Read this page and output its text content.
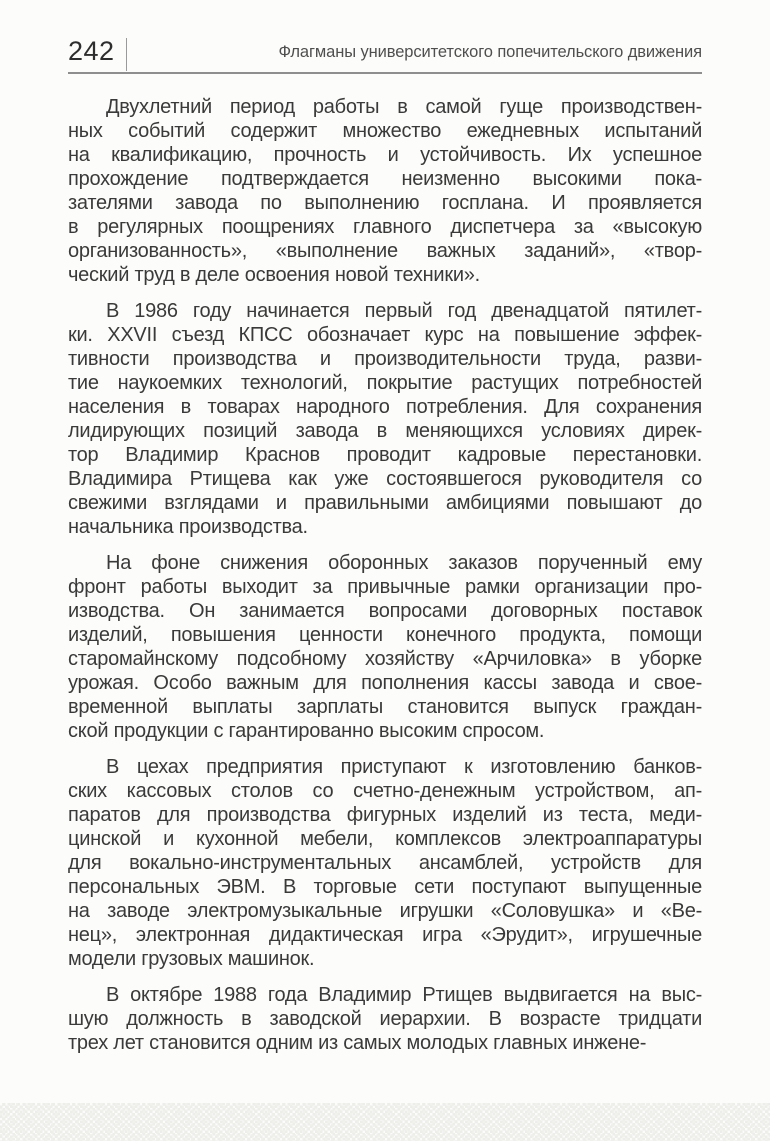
242	Флагманы университетского попечительского движения
Двухлетний период работы в самой гуще производствен-
ных событий содержит множество ежедневных испытаний
на квалификацию, прочность и устойчивость. Их успешное
прохождение подтверждается неизменно высокими пока-
зателями завода по выполнению госплана. И проявляется
в регулярных поощрениях главного диспетчера за «высокую
организованность», «выполнение важных заданий», «твор-
ческий труд в деле освоения новой техники».
В 1986 году начинается первый год двенадцатой пятилет-
ки. XXVII съезд КПСС обозначает курс на повышение эффек-
тивности производства и производительности труда, разви-
тие наукоемких технологий, покрытие растущих потребностей
населения в товарах народного потребления. Для сохранения
лидирующих позиций завода в меняющихся условиях дирек-
тор Владимир Краснов проводит кадровые перестановки.
Владимира Ртищева как уже состоявшегося руководителя со
свежими взглядами и правильными амбициями повышают до
начальника производства.
На фоне снижения оборонных заказов порученный ему
фронт работы выходит за привычные рамки организации про-
изводства. Он занимается вопросами договорных поставок
изделий, повышения ценности конечного продукта, помощи
старомайнскому подсобному хозяйству «Арчиловка» в уборке
урожая. Особо важным для пополнения кассы завода и свое-
временной выплаты зарплаты становится выпуск граждан-
ской продукции с гарантированно высоким спросом.
В цехах предприятия приступают к изготовлению банков-
ских кассовых столов со счетно-денежным устройством, ап-
паратов для производства фигурных изделий из теста, меди-
цинской и кухонной мебели, комплексов электроаппаратуры
для вокально-инструментальных ансамблей, устройств для
персональных ЭВМ. В торговые сети поступают выпущенные
на заводе электромузыкальные игрушки «Соловушка» и «Ве-
нец», электронная дидактическая игра «Эрудит», игрушечные
модели грузовых машинок.
В октябре 1988 года Владимир Ртищев выдвигается на выс-
шую должность в заводской иерархии. В возрасте тридцати
трех лет становится одним из самых молодых главных инжене-
